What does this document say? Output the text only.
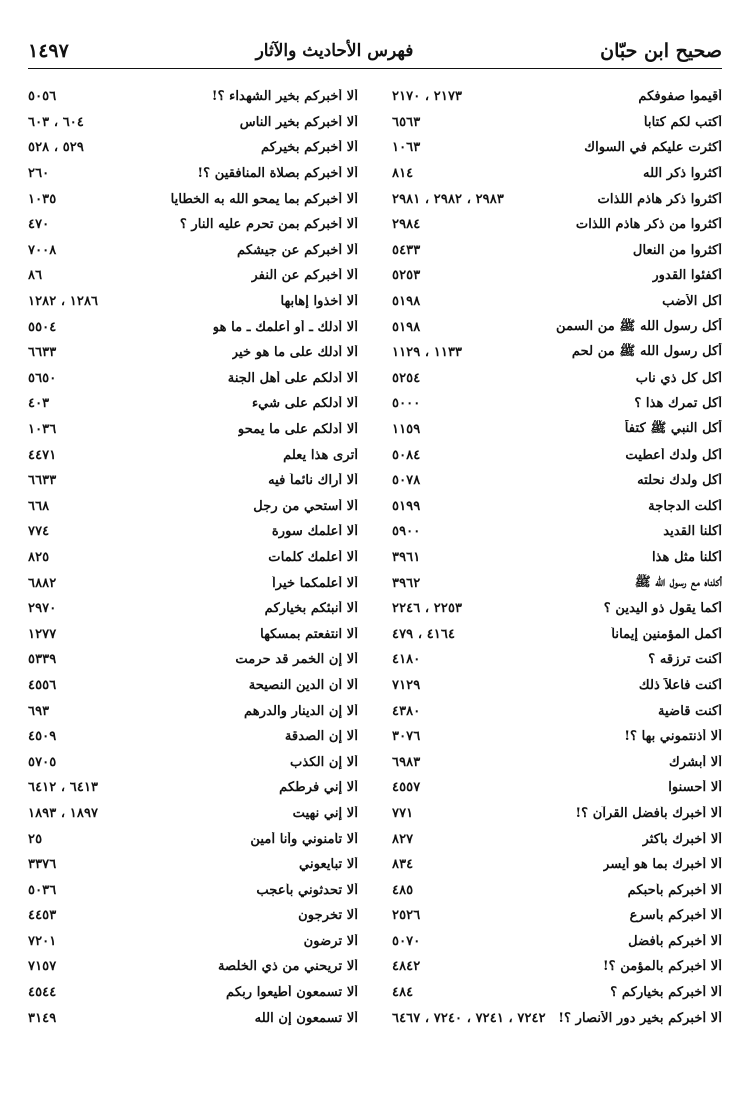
صحيح ابن حبّان
فهرس الأحاديث والآثار
١٤٩٧
أقيموا صفوفكم
٢١٧٣ ، ٢١٧٠
أكتب لكم كتاباً
٦٥٦٣
أكثرت عليكم في السواك
١٠٦٣
أكثروا ذكر الله
٨١٤
أكثروا ذكر هاذم اللذات
٢٩٨٣ ، ٢٩٨٢ ، ٢٩٨١
أكثروا من ذكر هاذم اللذات
٢٩٨٤
أكثروا من النعال
٥٤٣٣
أكفئوا القدور
٥٢٥٣
أكل الأضب
٥١٩٨
أكل رسول الله ﷺ من السمن
٥١٩٨
أكل رسول الله ﷺ من لحم
١١٣٣ ، ١١٢٩
أكل كل ذي ناب
٥٢٥٤
أكل تمرك هذا ؟
٥٠٠٠
أكل النبي ﷺ كتفاً
١١٥٩
أكل ولدك أعطيت
٥٠٨٤
أكل ولدك نحلته
٥٠٧٨
أكلت الدجاجة
٥١٩٩
أكلنا القديد
٥٩٠٠
أكلنا مثل هذا
٣٩٦١
أكلناه مع رسول الله ﷺ
٣٩٦٢
أكما يقول ذو اليدين ؟
٢٢٥٣ ، ٢٢٤٦
أكمل المؤمنين إيماناً
٤١٦٤ ، ٤٧٩
أكنت ترزقه ؟
٤١٨٠
أكنت فاعلاً ذلك
٧١٢٩
أكنت قاضية
٤٣٨٠
ألا أذنتموني بها ؟!
٣٠٧٦
ألا أبشرك
٦٩٨٣
ألا أحسنوا
٤٥٥٧
ألا أخبرك بأفضل القرآن ؟!
٧٧١
ألا أخبرك بأكثر
٨٢٧
ألا أخبرك بما هو أيسر
٨٣٤
ألا أخبركم بأحبكم
٤٨٥
ألا أخبركم بأسرع
٢٥٢٦
ألا أخبركم بأفضل
٥٠٧٠
ألا أخبركم بالمؤمن ؟!
٤٨٤٢
ألا أخبركم بخياركم ؟
٤٨٤
ألا أخبركم بخير دور الأنصار ؟!
٧٢٤٢ ، ٧٢٤١ ، ٧٢٤٠ ، ٦٤٦٧
ألا أخبركم بخير الشهداء ؟!
٥٠٥٦
ألا أخبركم بخير الناس
٦٠٤ ، ٦٠٣
ألا أخبركم بخيركم
٥٢٩ ، ٥٢٨
ألا أخبركم بصلاة المنافقين ؟!
٢٦٠
ألا أخبركم بما يمحو الله به الخطايا
١٠٣٥
ألا أخبركم بمن تحرم عليه النار ؟
٤٧٠
ألا أخبركم عن جيشكم
٧٠٠٨
ألا أخبركم عن النفر
٨٦
ألا أخذوا إهابها
١٢٨٦ ، ١٢٨٢
ألا أدلك ـ أو أعلمك ـ ما هو
٥٥٠٤
ألا أدلك على ما هو خير
٦٦٣٣
ألا أدلكم على أهل الجنة
٥٦٥٠
ألا أدلكم على شيء
٤٠٣
ألا أدلكم على ما يمحو
١٠٣٦
أترى هذا يعلم
٤٤٧١
ألا أراك نائماً فيه
٦٦٣٣
ألا أستحي من رجل
٦٦٨
ألا أعلمك سورة
٧٧٤
ألا أعلمك كلمات
٨٢٥
ألا أعلمكما خيراً
٦٨٨٢
ألا أنبئكم بخياركم
٢٩٧٠
ألا انتفعتم بمسكها
١٢٧٧
ألا إن الخمر قد حرمت
٥٣٣٩
ألا أن الدين النصيحة
٤٥٥٦
ألا إن الدينار والدرهم
٦٩٣
ألا إن الصدقة
٤٥٠٩
ألا إن الكذب
٥٧٠٥
ألا إني فرطكم
٦٤١٣ ، ٦٤١٢
ألا إني نهيت
١٨٩٧ ، ١٨٩٣
ألا تأمنوني وأنا أمين
٢٥
ألا تبايعوني
٣٣٧٦
ألا تحدثوني بأعجب
٥٠٣٦
ألا تخرجون
٤٤٥٣
ألا ترضون
٧٢٠١
ألا تريحني من ذي الخلصة
٧١٥٧
ألا تسمعون أطيعوا ربكم
٤٥٤٤
ألا تسمعون إن الله
٣١٤٩
